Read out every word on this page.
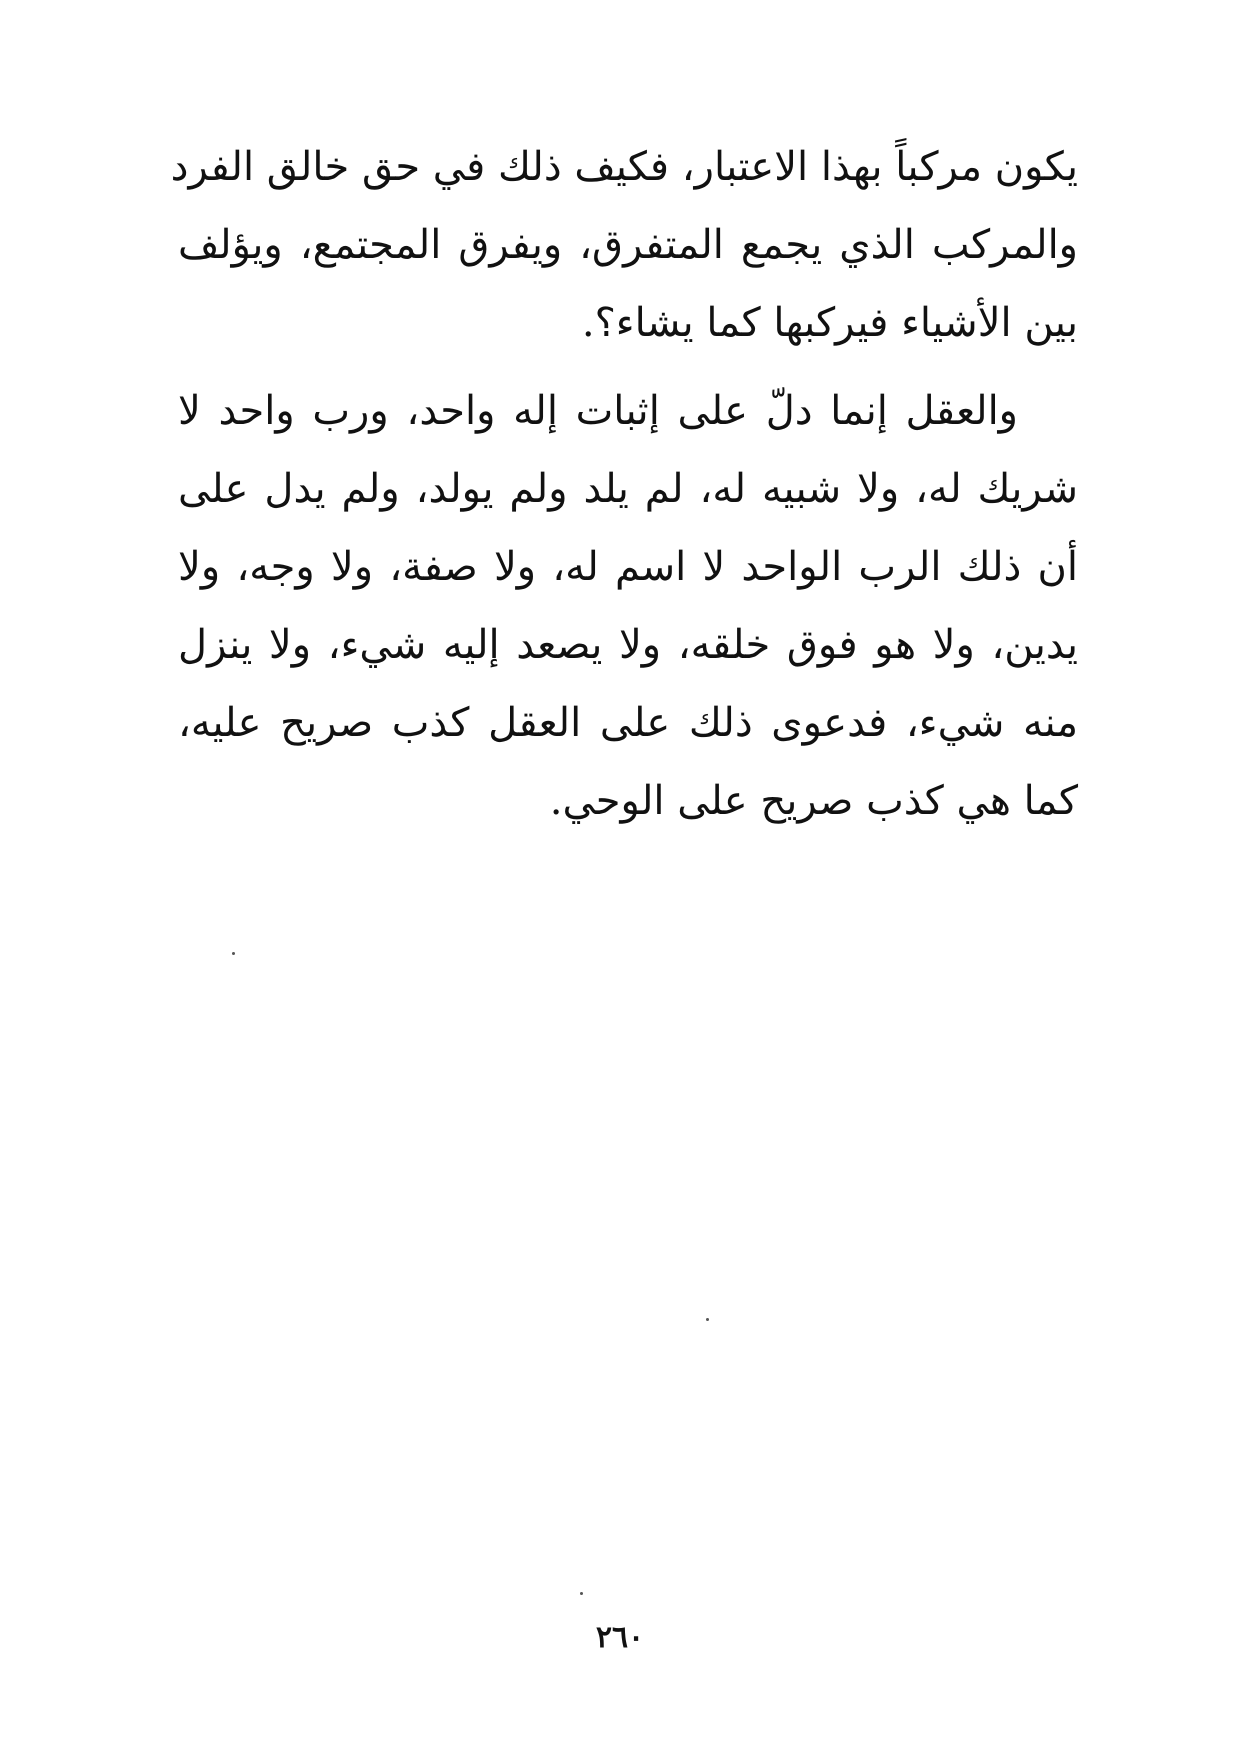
يكون مركباً بهذا الاعتبار، فكيف ذلك في حق خالق الفرد
والمركب الذي يجمع المتفرق، ويفرق المجتمع، ويؤلف
بين الأشياء فيركبها كما يشاء؟.
والعقل إنما دلّ على إثبات إله واحد، ورب واحد لا
شريك له، ولا شبيه له، لم يلد ولم يولد، ولم يدل على
أن ذلك الرب الواحد لا اسم له، ولا صفة، ولا وجه، ولا
يدين، ولا هو فوق خلقه، ولا يصعد إليه شيء، ولا ينزل
منه شيء، فدعوى ذلك على العقل كذب صريح عليه،
كما هي كذب صريح على الوحي.
٢٦٠
